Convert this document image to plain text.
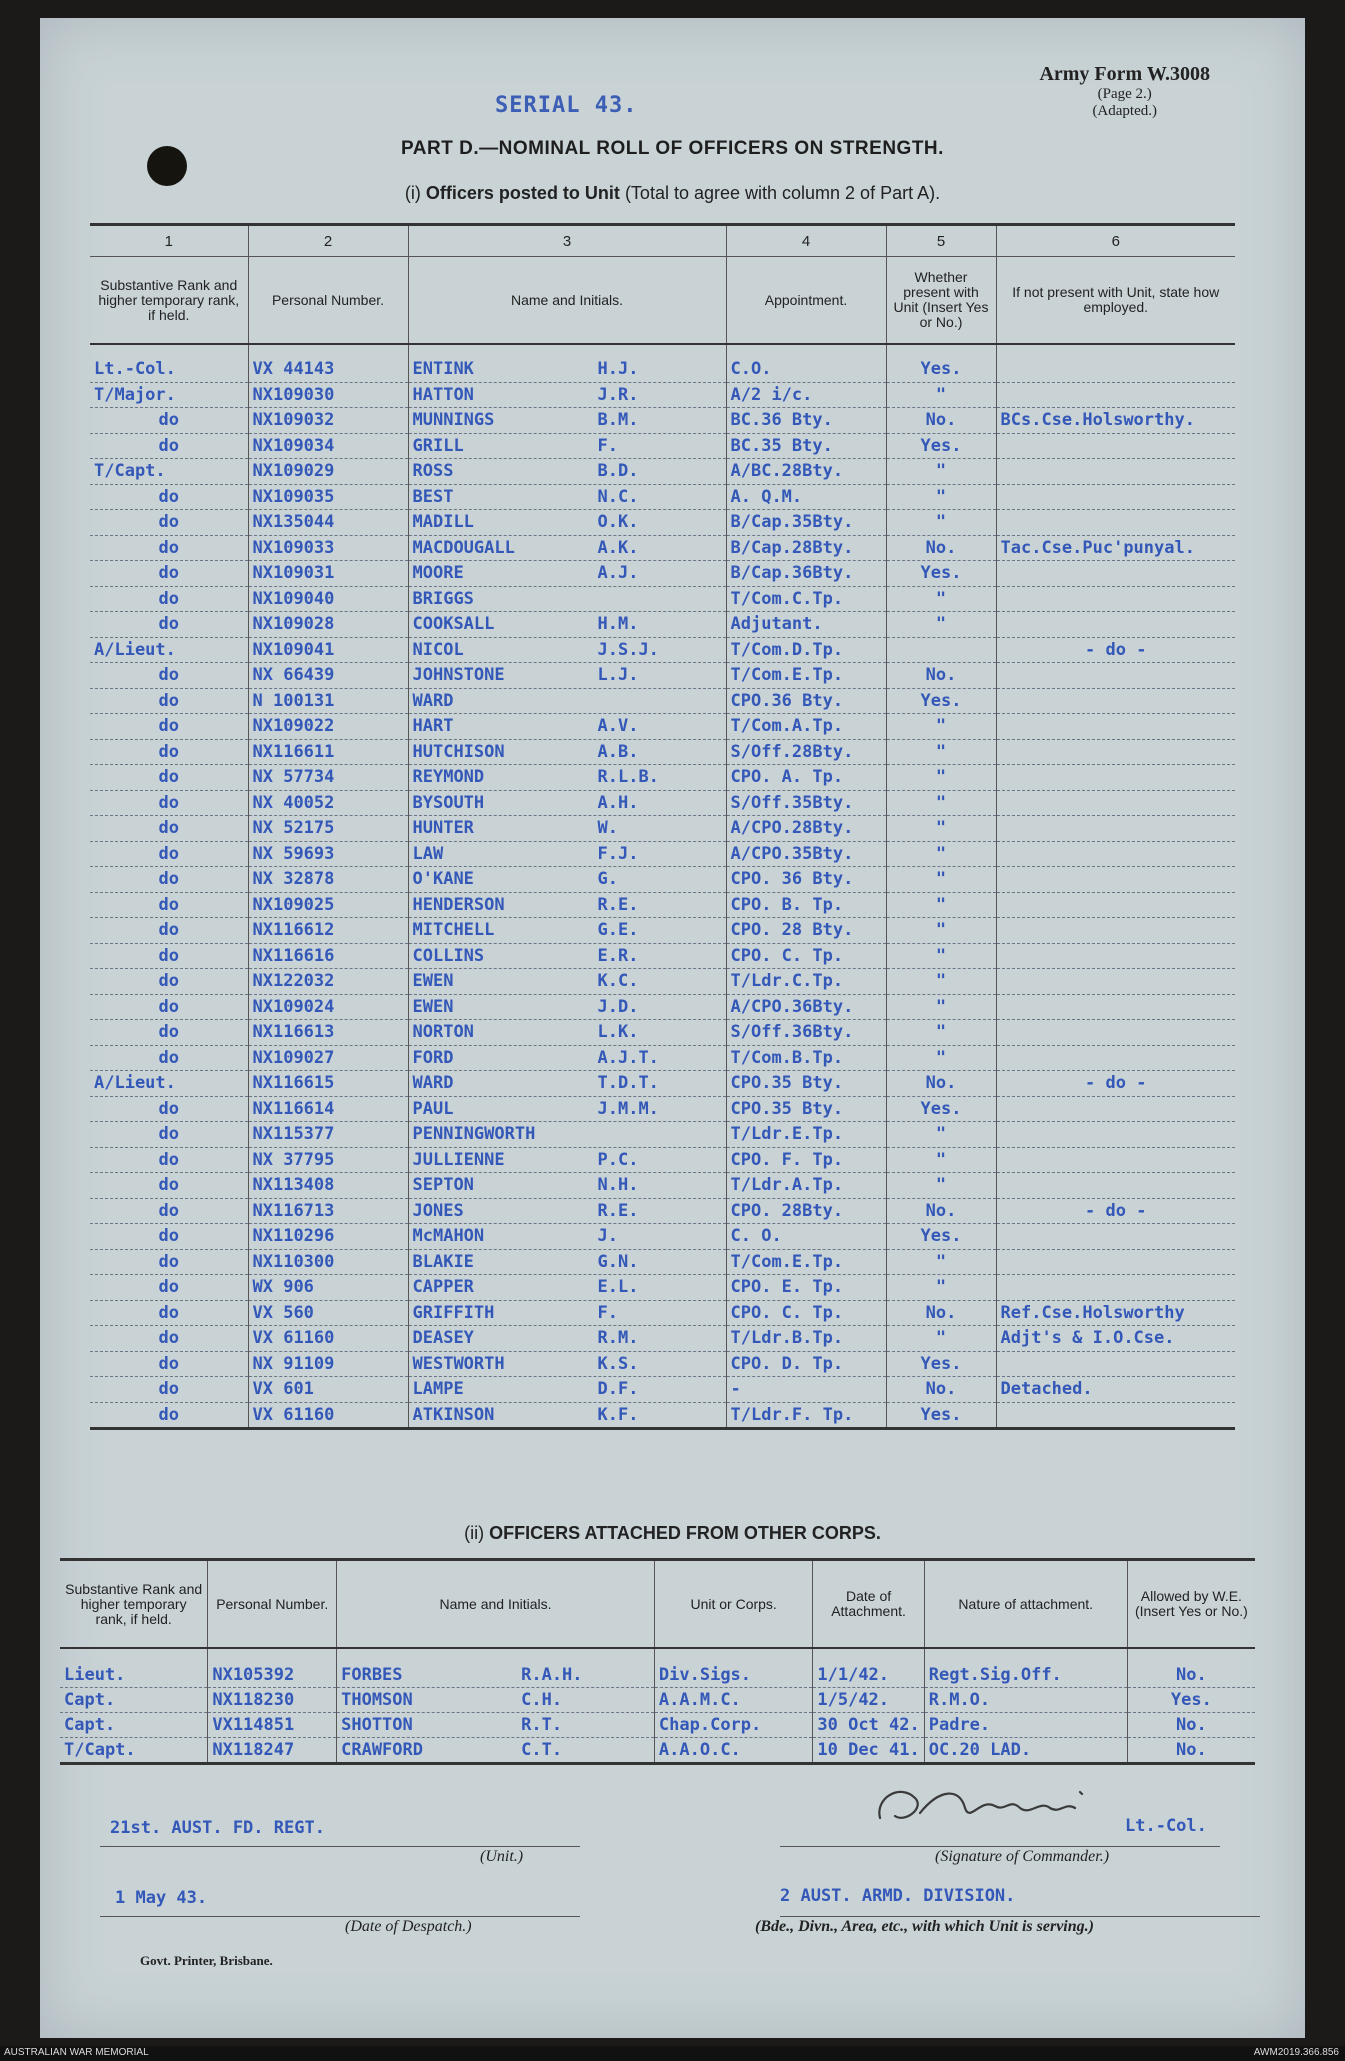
Army Form W.3008
(Page 2.)
(Adapted.)
SERIAL 43.
PART D.—NOMINAL ROLL OF OFFICERS ON STRENGTH.
(i) Officers posted to Unit (Total to agree with column 2 of Part A).
1	2	3	4	5	6
Substantive Rank and higher temporary rank, if held.	Personal Number.	Name and Initials.	Appointment.	Whether present with Unit (Insert Yes or No.)	If not present with Unit, state how employed.

Lt.-Col.	VX 44143	ENTINK H.J.	C.O.	Yes.	
T/Major.	NX109030	HATTON J.R.	A/2 i/c.	"	
do	NX109032	MUNNINGS B.M.	BC.36 Bty.	No.	BCs.Cse.Holsworthy.
do	NX109034	GRILL F.	BC.35 Bty.	Yes.	
T/Capt.	NX109029	ROSS B.D.	A/BC.28Bty.	"	
do	NX109035	BEST N.C.	A. Q.M.	"	
do	NX135044	MADILL O.K.	B/Cap.35Bty.	"	
do	NX109033	MACDOUGALL A.K.	B/Cap.28Bty.	No.	Tac.Cse.Puc'punyal.
do	NX109031	MOORE A.J.	B/Cap.36Bty.	Yes.	
do	NX109040	BRIGGS	T/Com.C.Tp.	"	
do	NX109028	COOKSALL H.M.	Adjutant.	"	
A/Lieut.	NX109041	NICOL J.S.J.	T/Com.D.Tp.		- do -
do	NX 66439	JOHNSTONE L.J.	T/Com.E.Tp.	No.	
do	N 100131	WARD	CPO.36 Bty.	Yes.	
do	NX109022	HART A.V.	T/Com.A.Tp.	"	
do	NX116611	HUTCHISON A.B.	S/Off.28Bty.	"	
do	NX 57734	REYMOND R.L.B.	CPO. A. Tp.	"	
do	NX 40052	BYSOUTH A.H.	S/Off.35Bty.	"	
do	NX 52175	HUNTER W.	A/CPO.28Bty.	"	
do	NX 59693	LAW F.J.	A/CPO.35Bty.	"	
do	NX 32878	O'KANE G.	CPO. 36 Bty.	"	
do	NX109025	HENDERSON R.E.	CPO. B. Tp.	"	
do	NX116612	MITCHELL G.E.	CPO. 28 Bty.	"	
do	NX116616	COLLINS E.R.	CPO. C. Tp.	"	
do	NX122032	EWEN K.C.	T/Ldr.C.Tp.	"	
do	NX109024	EWEN J.D.	A/CPO.36Bty.	"	
do	NX116613	NORTON L.K.	S/Off.36Bty.	"	
do	NX109027	FORD A.J.T.	T/Com.B.Tp.	"	
A/Lieut.	NX116615	WARD T.D.T.	CPO.35 Bty.	No.	- do -
do	NX116614	PAUL J.M.M.	CPO.35 Bty.	Yes.	
do	NX115377	PENNINGWORTH	T/Ldr.E.Tp.	"	
do	NX 37795	JULLIENNE P.C.	CPO. F. Tp.	"	
do	NX113408	SEPTON N.H.	T/Ldr.A.Tp.	"	
do	NX116713	JONES R.E.	CPO. 28Bty.	No.	- do -
do	NX110296	McMAHON J.	C. O.	Yes.	
do	NX110300	BLAKIE G.N.	T/Com.E.Tp.	"	
do	WX 906	CAPPER E.L.	CPO. E. Tp.	"	
do	VX 560	GRIFFITH F.	CPO. C. Tp.	No.	Ref.Cse.Holsworthy
do	VX 61160	DEASEY R.M.	T/Ldr.B.Tp.	"	Adjt's & I.O.Cse.
do	NX 91109	WESTWORTH K.S.	CPO. D. Tp.	Yes.	
do	VX 601	LAMPE D.F.	-	No.	Detached.
do	VX 61160	ATKINSON K.F.	T/Ldr.F. Tp.	Yes.	
(ii) OFFICERS ATTACHED FROM OTHER CORPS.
Substantive Rank and higher temporary rank, if held.	Personal Number.	Name and Initials.	Unit or Corps.	Date of Attachment.	Nature of attachment.	Allowed by W.E. (Insert Yes or No.)

Lieut.	NX105392	FORBES R.A.H.	Div.Sigs.	1/1/42.	Regt.Sig.Off.	No.
Capt.	NX118230	THOMSON C.H.	A.A.M.C.	1/5/42.	R.M.O.	Yes.
Capt.	VX114851	SHOTTON R.T.	Chap.Corp.	30 Oct 42.	Padre.	No.
T/Capt.	NX118247	CRAWFORD C.T.	A.A.O.C.	10 Dec 41.	OC.20 LAD.	No.
21st. AUST. FD. REGT.
(Unit.)
Lt.-Col.
(Signature of Commander.)
1 May 43.
(Date of Despatch.)
2 AUST. ARMD. DIVISION.
(Bde., Divn., Area, etc., with which Unit is serving.)
Govt. Printer, Brisbane.
AUSTRALIAN WAR MEMORIAL	AWM2019.366.856
